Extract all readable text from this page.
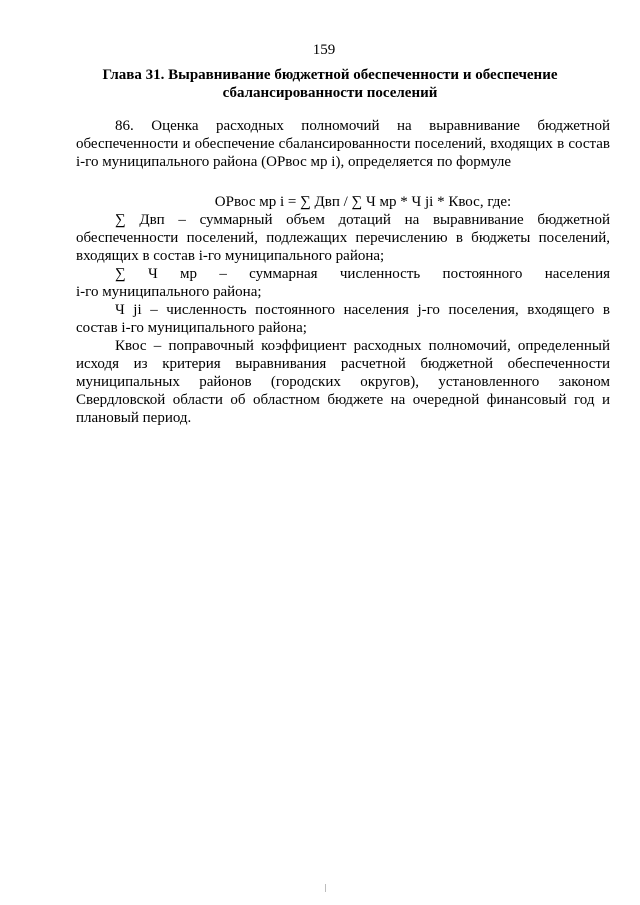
159
Глава 31. Выравнивание бюджетной обеспеченности и обеспечение
сбалансированности поселений

86. Оценка расходных полномочий на выравнивание бюджетной обеспеченности и обеспечение сбалансированности поселений, входящих в состав i-го муниципального района (ОРвос мр i), определяется по формуле

ОРвос мр i = ∑ Двп / ∑ Ч мр * Ч ji * Квос, где:

∑ Двп – суммарный объем дотаций на выравнивание бюджетной обеспеченности поселений, подлежащих перечислению в бюджеты поселений, входящих в состав i-го муниципального района;

∑ Ч мр – суммарная численность постоянного населения
i-го муниципального района;

Ч ji – численность постоянного населения j-го поселения, входящего в состав i-го муниципального района;

Квос – поправочный коэффициент расходных полномочий, определенный исходя из критерия выравнивания расчетной бюджетной обеспеченности муниципальных районов (городских округов), установленного законом Свердловской области об областном бюджете на очередной финансовый год и плановый период.
